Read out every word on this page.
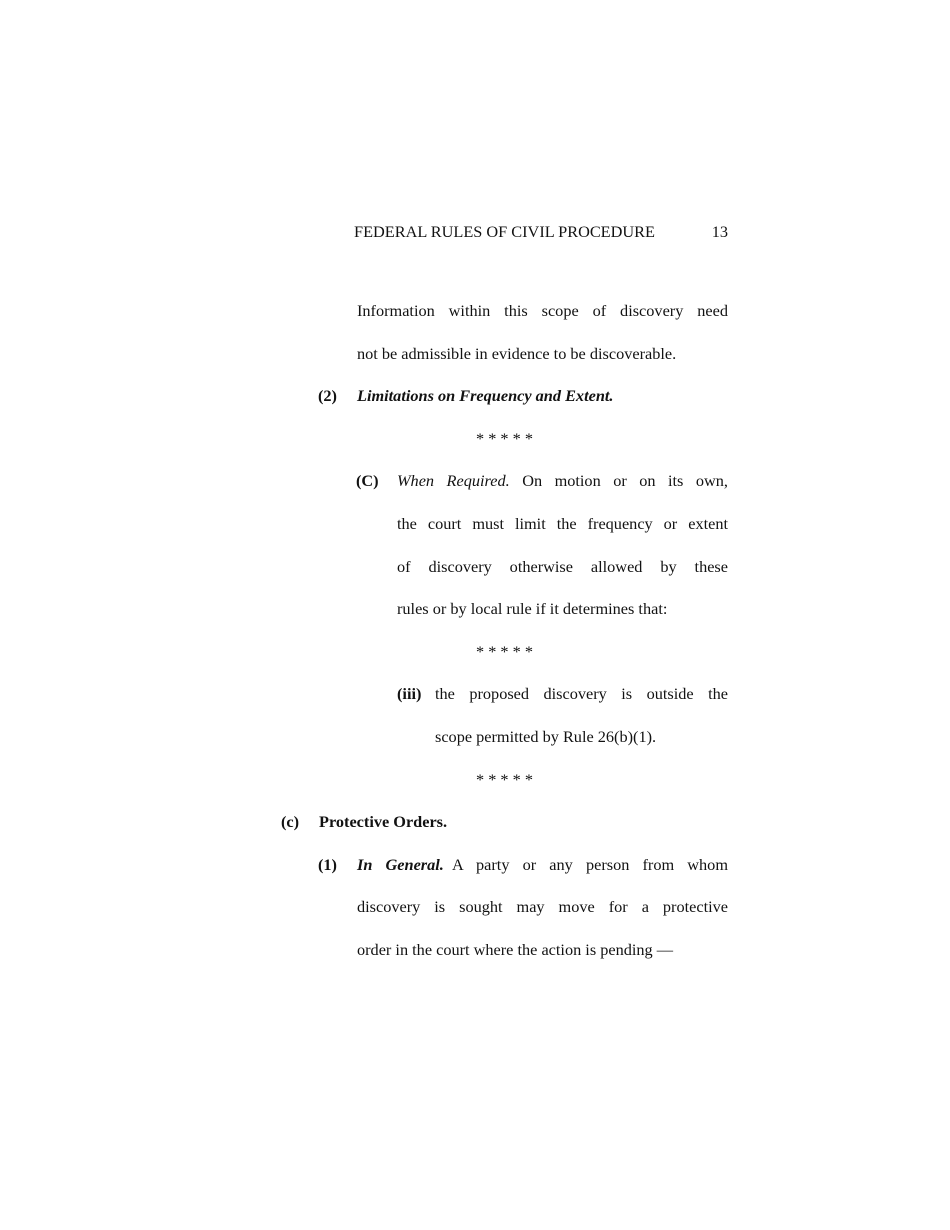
FEDERAL RULES OF CIVIL PROCEDURE	13
Information within this scope of discovery need
not be admissible in evidence to be discoverable.
(2) Limitations on Frequency and Extent.
* * * * *
(C) When Required. On motion or on its own,
the court must limit the frequency or extent
of discovery otherwise allowed by these
rules or by local rule if it determines that:
* * * * *
(iii) the proposed discovery is outside the
scope permitted by Rule 26(b)(1).
* * * * *
(c) Protective Orders.
(1) In General. A party or any person from whom
discovery is sought may move for a protective
order in the court where the action is pending —
